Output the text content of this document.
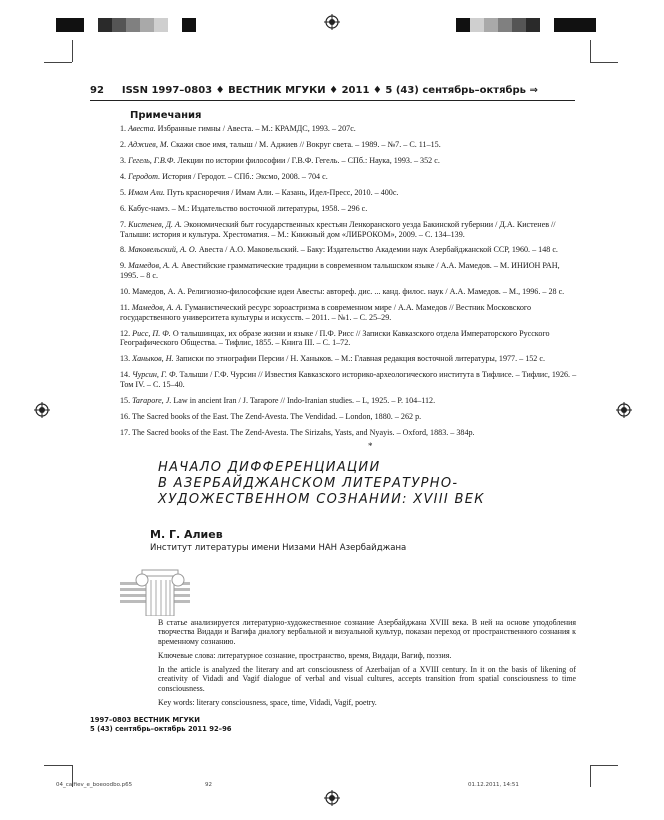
92 ISSN 1997–0803 ♦ ВЕСТНИК МГУКИ ♦ 2011 ♦ 5 (43) сентябрь–октябрь ⇒
Примечания

1. Авеста. Избранные гимны / Авеста. – М.: КРАМДС, 1993. – 207с.

2. Аджиев, М. Скажи свое имя, талыш / М. Аджиев // Вокруг света. – 1989. – №7. – С. 11–15.

3. Гегель, Г.В.Ф. Лекции по истории философии / Г.В.Ф. Гегель. – СПб.: Наука, 1993. – 352 с.

4. Геродот. История / Геродот. – СПб.: Эксмо, 2008. – 704 с.

5. Имам Али. Путь красноречия / Имам Али. – Казань, Идел-Пресс, 2010. – 400с.

6. Кабус-намэ. – М.: Издательство восточной литературы, 1958. – 296 с.

7. Кистенев, Д. А. Экономический быт государственных крестьян Ленкоранского уезда Бакинской губернии / Д.А. Кистенев // Талыши: история и культура. Хрестоматия. – М.: Книжный дом «ЛИБРОКОМ», 2009. – С. 134–139.

8. Маковельский, А. О. Авеста / А.О. Маковельский. – Баку: Издательство Академии наук Азербайджанской ССР, 1960. – 148 с.

9. Мамедов, А. А. Авестийские грамматические традиции в современном талышском языке / А.А. Мамедов. – М. ИНИОН РАН, 1995. – 8 с.

10. Мамедов, А. А. Религиозно-философские идеи Авесты: автореф. дис. ... канд. филос. наук / А.А. Мамедов. – М., 1996. – 28 с.

11. Мамедов, А. А. Гуманистический ресурс зороастризма в современном мире / А.А. Мамедов // Вестник Московского государственного университета культуры и искусств. – 2011. – №1. – С. 25–29.

12. Рисс, П. Ф. О талышинцах, их образе жизни и языке / П.Ф. Рисс // Записки Кавказского отдела Императорского Русского Географического Общества. – Тифлис, 1855. – Книга III. – С. 1–72.

13. Ханыков, Н. Записки по этнографии Персии / Н. Ханыков. – М.: Главная редакция восточной литературы, 1977. – 152 с.

14. Чурсин, Г. Ф. Талыши / Г.Ф. Чурсин // Известия Кавказского историко-археологического института в Тифлисе. – Тифлис, 1926. – Том IV. – С. 15–40.

15. Tarapore, J. Law in ancient Iran / J. Tarapore // Indo-Iranian studies. – L, 1925. – P. 104–112.

16. The Sacred books of the East. The Zend-Avesta. The Vendidad. – London, 1880. – 262 p.

17. The Sacred books of the East. The Zend-Avesta. The Sirizahs, Yasts, and Nyayis. – Oxford, 1883. – 384p.

*
НАЧАЛО ДИФФЕРЕНЦИАЦИИ
В АЗЕРБАЙДЖАНСКОМ ЛИТЕРАТУРНО-
ХУДОЖЕСТВЕННОМ СОЗНАНИИ: XVIII ВЕК
М. Г. Алиев
Институт литературы имени Низами НАН Азербайджана

В статье анализируется литературно-художественное сознание Азербайджана XVIII века. В ней на основе уподобления творчества Видади и Вагифа диалогу вербальной и визуальной культур, показан переход от пространственного сознания к временному сознанию.

Ключевые слова: литературное сознание, пространство, время, Видади, Вагиф, поэзия.

In the article is analyzed the literary and art consciousness of Azerbaijan of a XVIII century. In it on the basis of likening of creativity of Vidadi and Vagif dialogue of verbal and visual cultures, accepts transition from spatial consciousness to time consciousness.

Key words: literary consciousness, space, time, Vidadi, Vagif, poetry.

1997–0803 ВЕСТНИК МГУКИ
5 (43) сентябрь–октябрь 2011 92–96
04_calfiev_e_boeoodbo.p65	92	01.12.2011, 14:51
